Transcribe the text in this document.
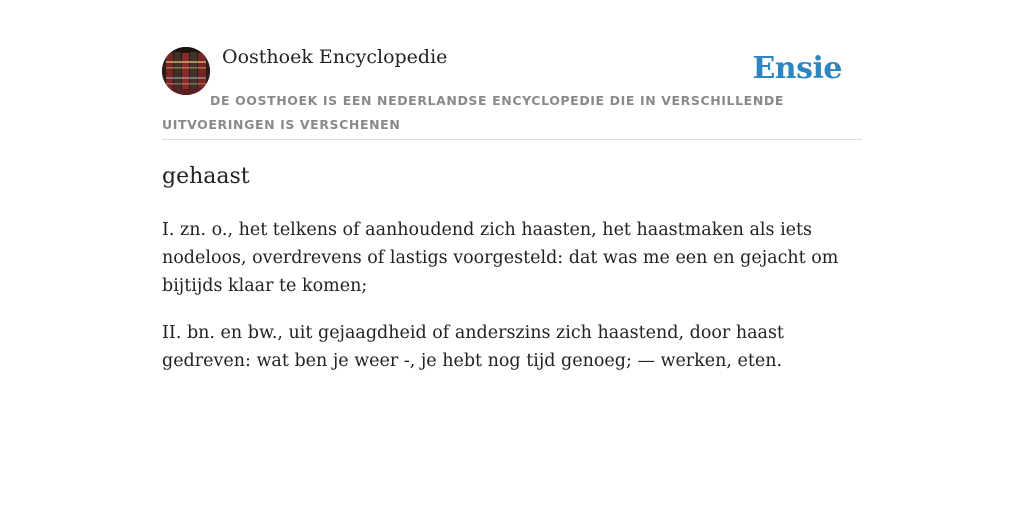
Oosthoek Encyclopedie	Ensie
DE OOSTHOEK IS EEN NEDERLANDSE ENCYCLOPEDIE DIE IN VERSCHILLENDE UITVOERINGEN IS VERSCHENEN
gehaast

I. zn. o., het telkens of aanhoudend zich haasten, het haastmaken als iets nodeloos, overdrevens of lastigs voorgesteld: dat was me een en gejacht om bijtijds klaar te komen;

II. bn. en bw., uit gejaagdheid of anderszins zich haastend, door haast gedreven: wat ben je weer -, je hebt nog tijd genoeg; — werken, eten.
